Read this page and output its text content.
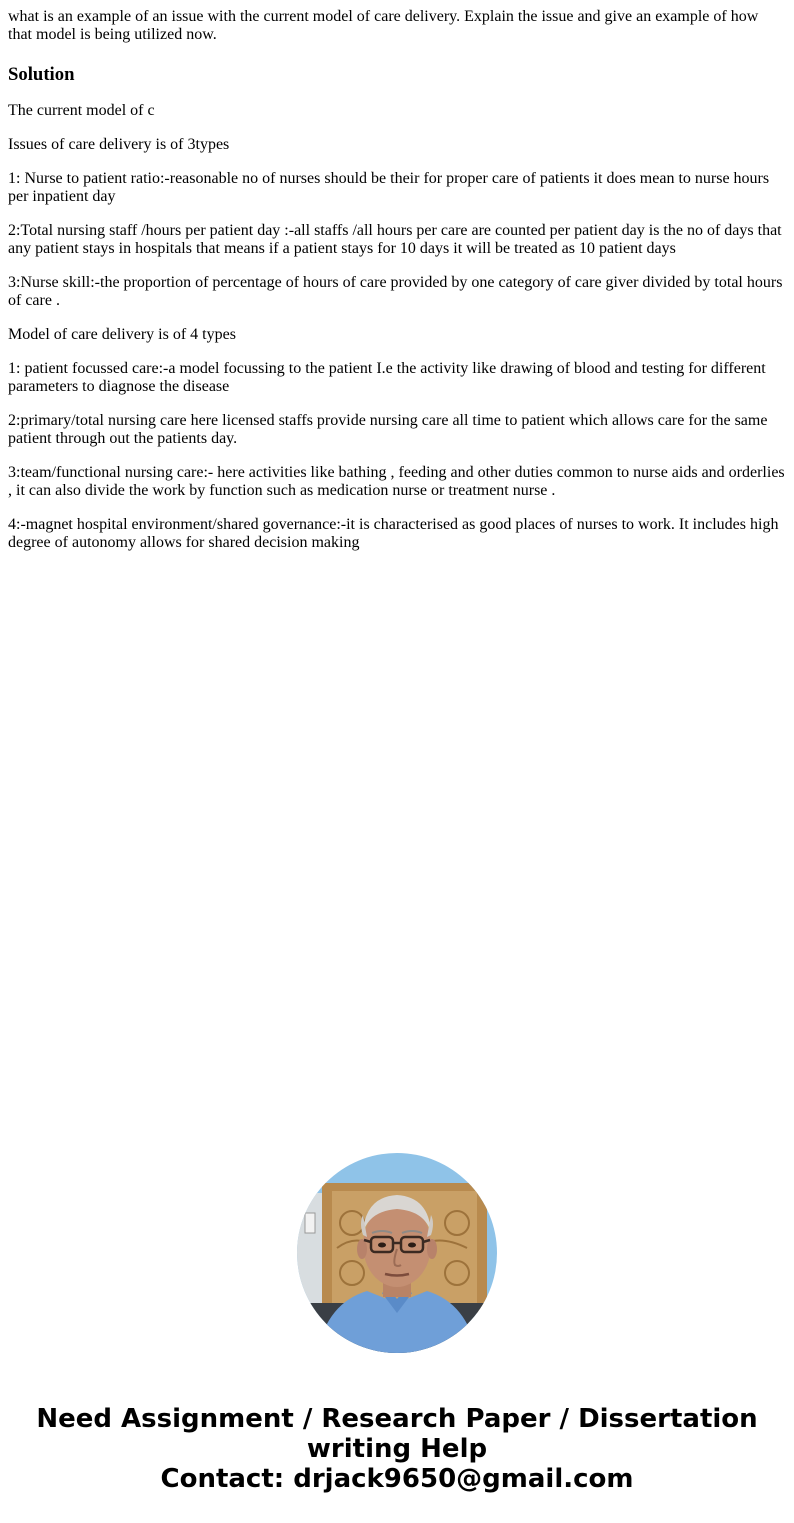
what is an example of an issue with the current model of care delivery. Explain the issue and give an example of how that model is being utilized now.
Solution

The current model of c

Issues of care delivery is of 3types

1: Nurse to patient ratio:-reasonable no of nurses should be their for proper care of patients it does mean to nurse hours per inpatient day

2:Total nursing staff /hours per patient day :-all staffs /all hours per care are counted per patient day is the no of days that any patient stays in hospitals that means if a patient stays for 10 days it will be treated as 10 patient days

3:Nurse skill:-the proportion of percentage of hours of care provided by one category of care giver divided by total hours of care .

Model of care delivery is of 4 types

1: patient focussed care:-a model focussing to the patient I.e the activity like drawing of blood and testing for different parameters to diagnose the disease

2:primary/total nursing care here licensed staffs provide nursing care all time to patient which allows care for the same patient through out the patients day.

3:team/functional nursing care:- here activities like bathing , feeding and other duties common to nurse aids and orderlies , it can also divide the work by function such as medication nurse or treatment nurse .

4:-magnet hospital environment/shared governance:-it is characterised as good places of nurses to work. It includes high degree of autonomy allows for shared decision making

Need Assignment / Research Paper / Dissertation
writing Help
Contact: drjack9650@gmail.com
